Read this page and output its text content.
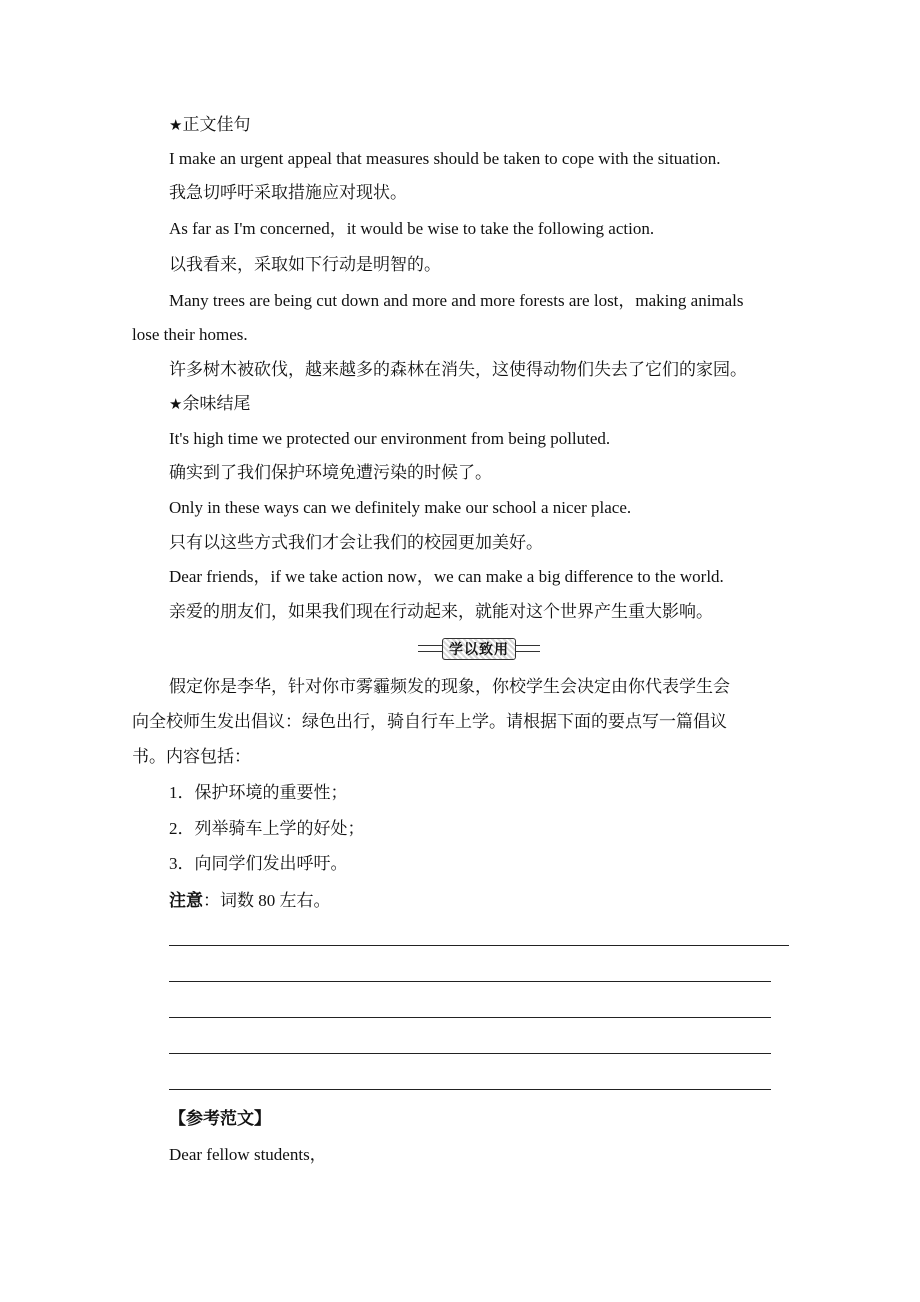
★正文佳句
I make an urgent appeal that measures should be taken to cope with the situation.
我急切呼吁采取措施应对现状。
As far as I'm concerned，it would be wise to take the following action.
以我看来，采取如下行动是明智的。
Many trees are being cut down and more and more forests are lost，making animals
lose their homes.
许多树木被砍伐，越来越多的森林在消失，这使得动物们失去了它们的家园。
★余味结尾
It's high time we protected our environment from being polluted.
确实到了我们保护环境免遭污染的时候了。
Only in these ways can we definitely make our school a nicer place.
只有以这些方式我们才会让我们的校园更加美好。
Dear friends，if we take action now，we can make a big difference to the world.
亲爱的朋友们，如果我们现在行动起来，就能对这个世界产生重大影响。
学以致用
假定你是李华，针对你市雾霾频发的现象，你校学生会决定由你代表学生会
向全校师生发出倡议：绿色出行，骑自行车上学。请根据下面的要点写一篇倡议
书。内容包括：
1．保护环境的重要性；
2．列举骑车上学的好处；
3．向同学们发出呼吁。
注意：词数 80 左右。
【参考范文】
Dear fellow students，
